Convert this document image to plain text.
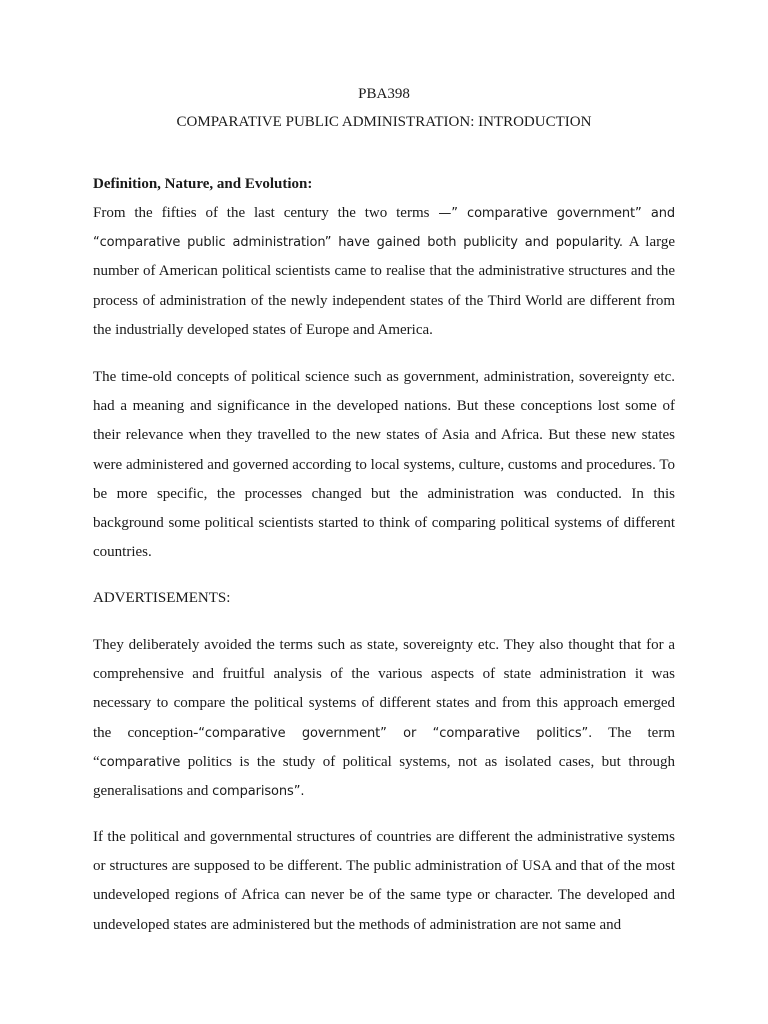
PBA398
COMPARATIVE PUBLIC ADMINISTRATION: INTRODUCTION
Definition, Nature, and Evolution:

From the fifties of the last century the two terms —” comparative government” and “comparative public administration” have gained both publicity and popularity. A large number of American political scientists came to realise that the administrative structures and the process of administration of the newly independent states of the Third World are different from the industrially developed states of Europe and America.

The time-old concepts of political science such as government, administration, sovereignty etc. had a meaning and significance in the developed nations. But these conceptions lost some of their relevance when they travelled to the new states of Asia and Africa. But these new states were administered and governed according to local systems, culture, customs and procedures. To be more specific, the processes changed but the administration was conducted. In this background some political scientists started to think of comparing political systems of different countries.

ADVERTISEMENTS:

They deliberately avoided the terms such as state, sovereignty etc. They also thought that for a comprehensive and fruitful analysis of the various aspects of state administration it was necessary to compare the political systems of different states and from this approach emerged the conception-“comparative government” or “comparative politics”. The term “comparative politics is the study of political systems, not as isolated cases, but through generalisations and comparisons”.

If the political and governmental structures of countries are different the administrative systems or structures are supposed to be different. The public administration of USA and that of the most undeveloped regions of Africa can never be of the same type or character. The developed and undeveloped states are administered but the methods of administration are not same and
